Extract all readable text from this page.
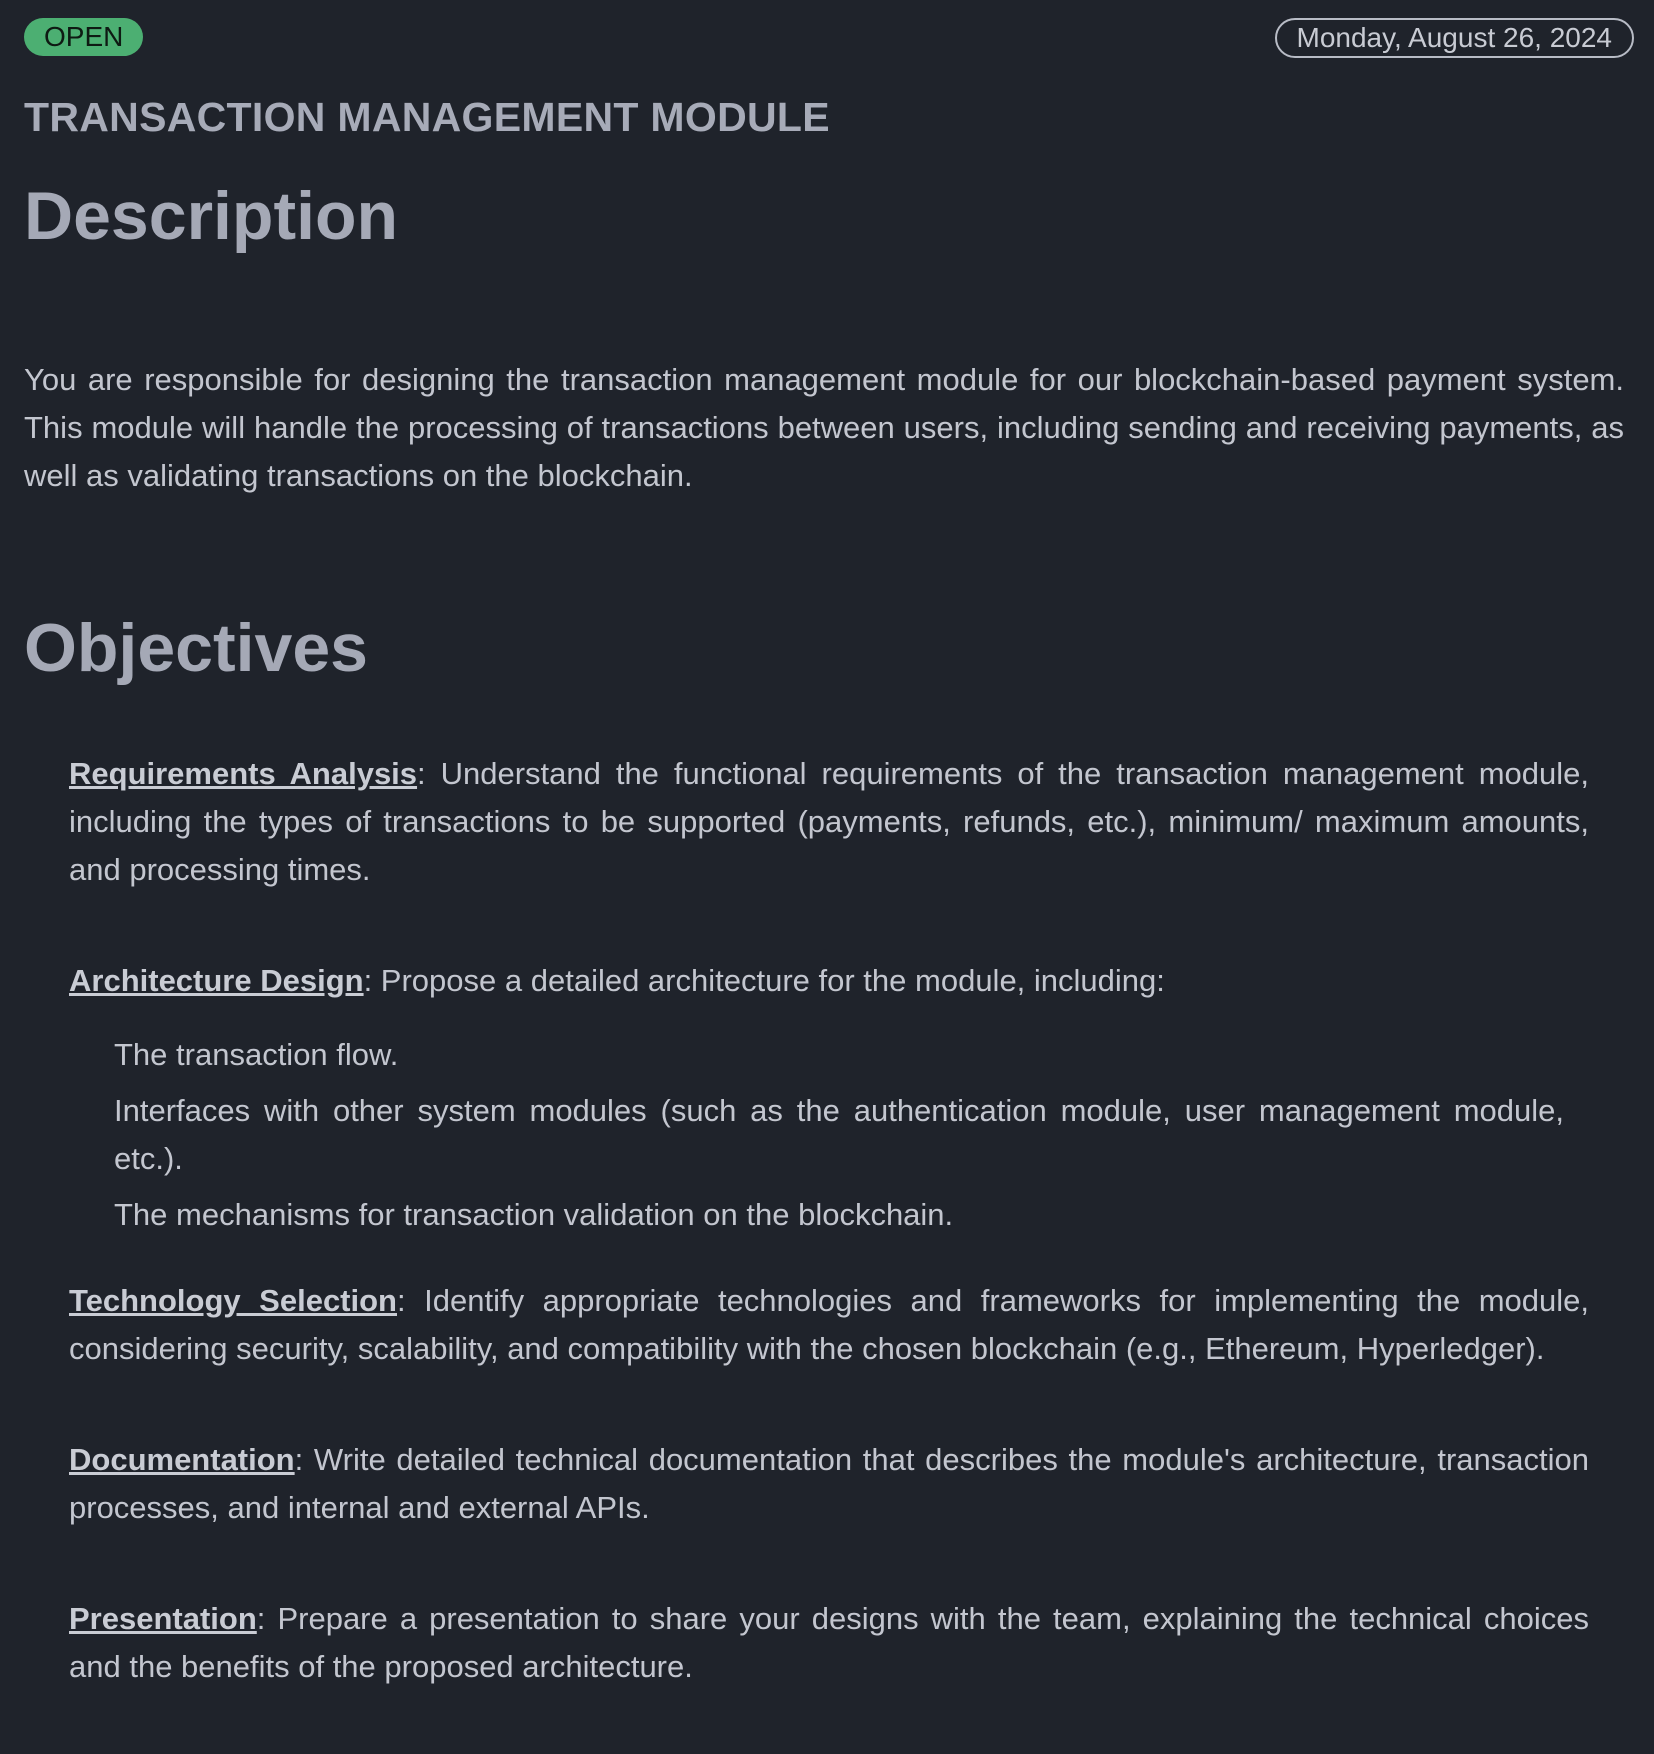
OPEN	Monday, August 26, 2024
TRANSACTION MANAGEMENT MODULE
Description

You are responsible for designing the transaction management module for our blockchain-based payment system. This module will handle the processing of transactions between users, including sending and receiving payments, as well as validating transactions on the blockchain.

Objectives
Requirements Analysis: Understand the functional requirements of the transaction management module, including the types of transactions to be supported (payments, refunds, etc.), minimum/ maximum amounts, and processing times.
Architecture Design: Propose a detailed architecture for the module, including:
The transaction flow.
Interfaces with other system modules (such as the authentication module, user management module, etc.).
The mechanisms for transaction validation on the blockchain.
Technology Selection: Identify appropriate technologies and frameworks for implementing the module, considering security, scalability, and compatibility with the chosen blockchain (e.g., Ethereum, Hyperledger).
Documentation: Write detailed technical documentation that describes the module's architecture, transaction processes, and internal and external APIs.
Presentation: Prepare a presentation to share your designs with the team, explaining the technical choices and the benefits of the proposed architecture.
